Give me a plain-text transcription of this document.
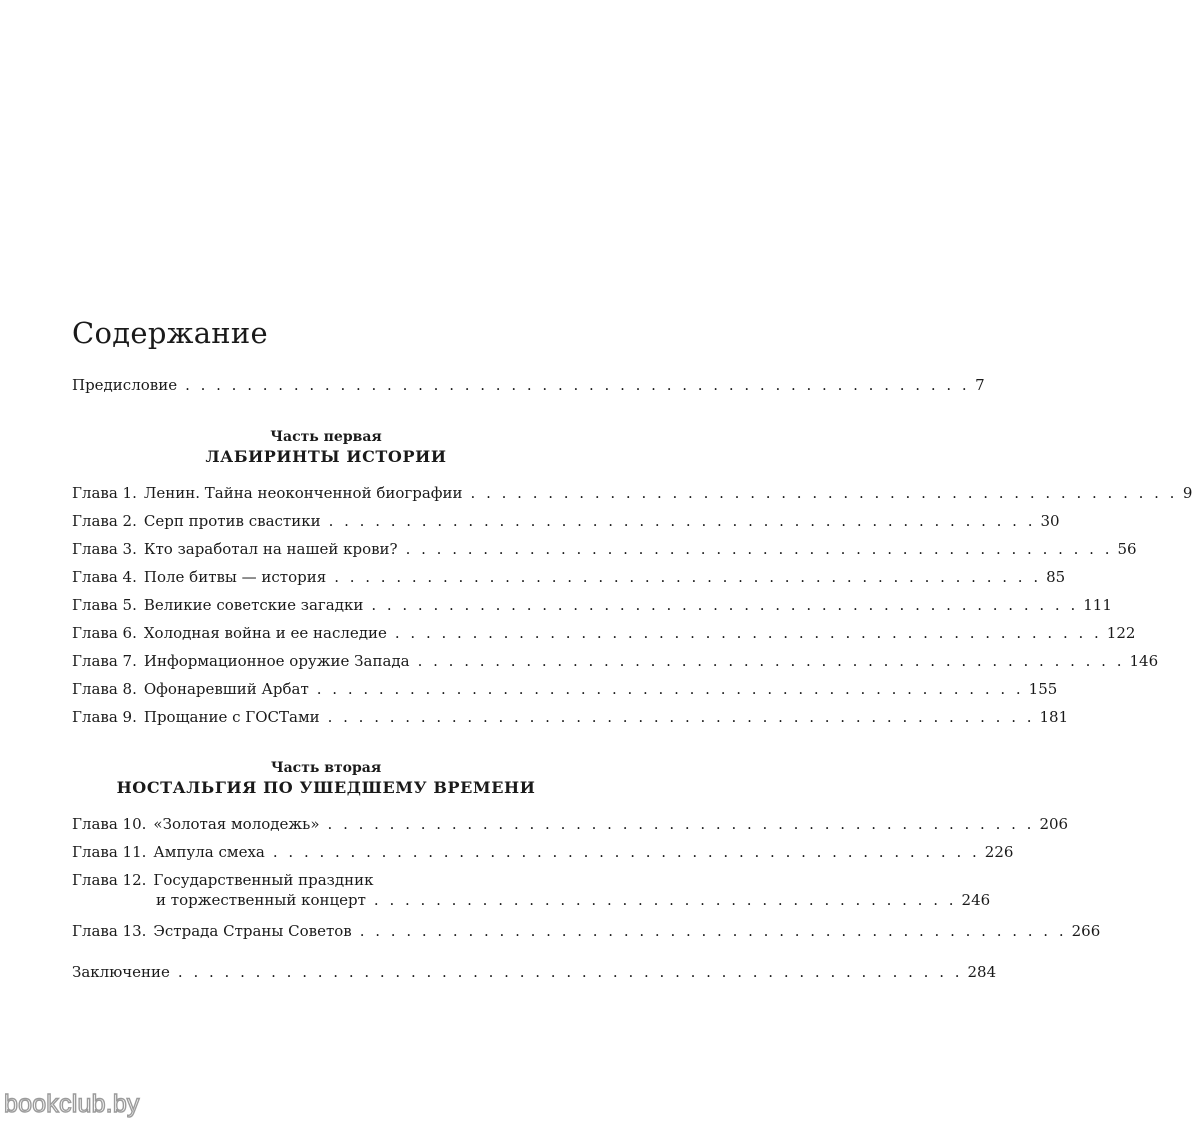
Содержание
Предисловие . . . . . . . . . . . . . . . . . . . . . . . . . . . . . . . . . . . . . . . . . . . . . . . . . . . 7
Часть первая
ЛАБИРИНТЫ ИСТОРИИ
Глава 1. Ленин. Тайна неоконченной биографии . . . . . . . . . . . . . . . . . . . . . . . . . . . . . . . . . . . . . . . . . . . . . . 9
Глава 2. Серп против свастики . . . . . . . . . . . . . . . . . . . . . . . . . . . . . . . . . . . . . . . . . . . . . . 30
Глава 3. Кто заработал на нашей крови? . . . . . . . . . . . . . . . . . . . . . . . . . . . . . . . . . . . . . . . . . . . . . . 56
Глава 4. Поле битвы — история . . . . . . . . . . . . . . . . . . . . . . . . . . . . . . . . . . . . . . . . . . . . . . 85
Глава 5. Великие советские загадки . . . . . . . . . . . . . . . . . . . . . . . . . . . . . . . . . . . . . . . . . . . . . . 111
Глава 6. Холодная война и ее наследие . . . . . . . . . . . . . . . . . . . . . . . . . . . . . . . . . . . . . . . . . . . . . . 122
Глава 7. Информационное оружие Запада . . . . . . . . . . . . . . . . . . . . . . . . . . . . . . . . . . . . . . . . . . . . . . 146
Глава 8. Офонаревший Арбат . . . . . . . . . . . . . . . . . . . . . . . . . . . . . . . . . . . . . . . . . . . . . . 155
Глава 9. Прощание с ГОСТами . . . . . . . . . . . . . . . . . . . . . . . . . . . . . . . . . . . . . . . . . . . . . . 181
Часть вторая
НОСТАЛЬГИЯ ПО УШЕДШЕМУ ВРЕМЕНИ
Глава 10. «Золотая молодежь» . . . . . . . . . . . . . . . . . . . . . . . . . . . . . . . . . . . . . . . . . . . . . . 206
Глава 11. Ампула смеха . . . . . . . . . . . . . . . . . . . . . . . . . . . . . . . . . . . . . . . . . . . . . . 226
Глава 12. Государственный праздник
и торжественный концерт . . . . . . . . . . . . . . . . . . . . . . . . . . . . . . . . . . . . . . 246
Глава 13. Эстрада Страны Советов . . . . . . . . . . . . . . . . . . . . . . . . . . . . . . . . . . . . . . . . . . . . . . 266
Заключение . . . . . . . . . . . . . . . . . . . . . . . . . . . . . . . . . . . . . . . . . . . . . . . . . . . 284
bookclub.by
